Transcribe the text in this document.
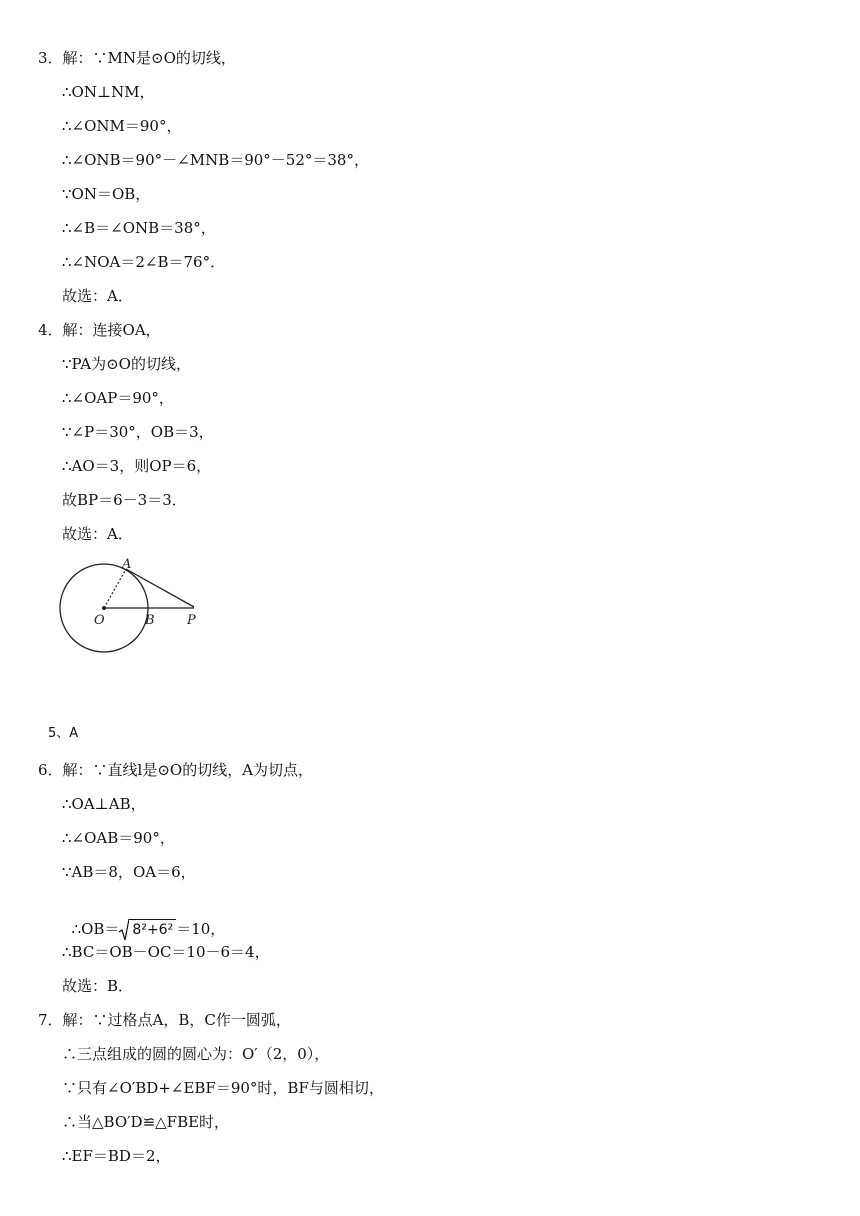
3．解：∵MN是⊙O的切线，
∴ON⊥NM，
∴∠ONM＝90°，
∴∠ONB＝90°－∠MNB＝90°－52°＝38°，
∵ON＝OB，
∴∠B＝∠ONB＝38°，
∴∠NOA＝2∠B＝76°．
故选：A．
4．解：连接OA，
∵PA为⊙O的切线，
∴∠OAP＝90°，
∵∠P＝30°，OB＝3，
∴AO＝3，则OP＝6，
故BP＝6－3＝3．
故选：A．
A
O	B P
5、A
6．解：∵直线l是⊙O的切线，A为切点，
∴OA⊥AB，
∴∠OAB＝90°，
∵AB＝8，OA＝6，

∴OB＝ 8²+6² ＝10，

∴BC＝OB－OC＝10－6＝4，
故选：B．
7．解：∵过格点A，B，C作一圆弧，
∴三点组成的圆的圆心为：O′（2，0），
∵只有∠O′BD+∠EBF＝90°时，BF与圆相切，
∴当△BO′D≌△FBE时，
∴EF＝BD＝2，
